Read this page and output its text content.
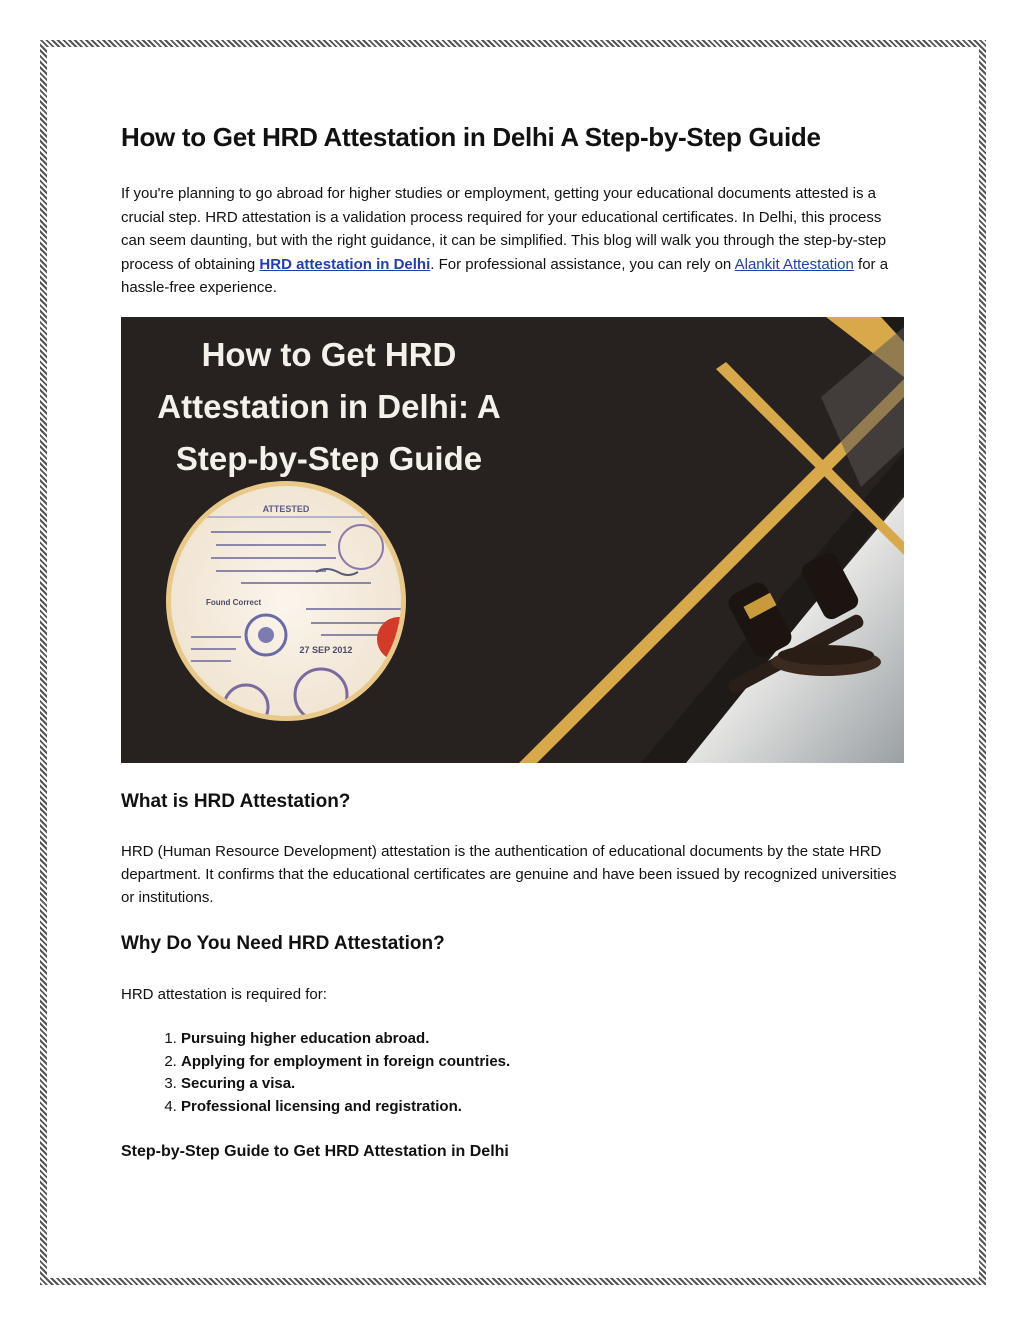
How to Get HRD Attestation in Delhi A Step-by-Step Guide

If you're planning to go abroad for higher studies or employment, getting your educational documents attested is a crucial step. HRD attestation is a validation process required for your educational certificates. In Delhi, this process can seem daunting, but with the right guidance, it can be simplified. This blog will walk you through the step-by-step process of obtaining HRD attestation in Delhi. For professional assistance, you can rely on Alankit Attestation for a hassle-free experience.

ATTESTED
27 SEP 2012
Found Correct
How to Get HRD
Attestation in Delhi: A
Step-by-Step Guide
What is HRD Attestation?

HRD (Human Resource Development) attestation is the authentication of educational documents by the state HRD department. It confirms that the educational certificates are genuine and have been issued by recognized universities or institutions.

Why Do You Need HRD Attestation?

HRD attestation is required for:

1. Pursuing higher education abroad.
2. Applying for employment in foreign countries.
3. Securing a visa.
4. Professional licensing and registration.

Step-by-Step Guide to Get HRD Attestation in Delhi
